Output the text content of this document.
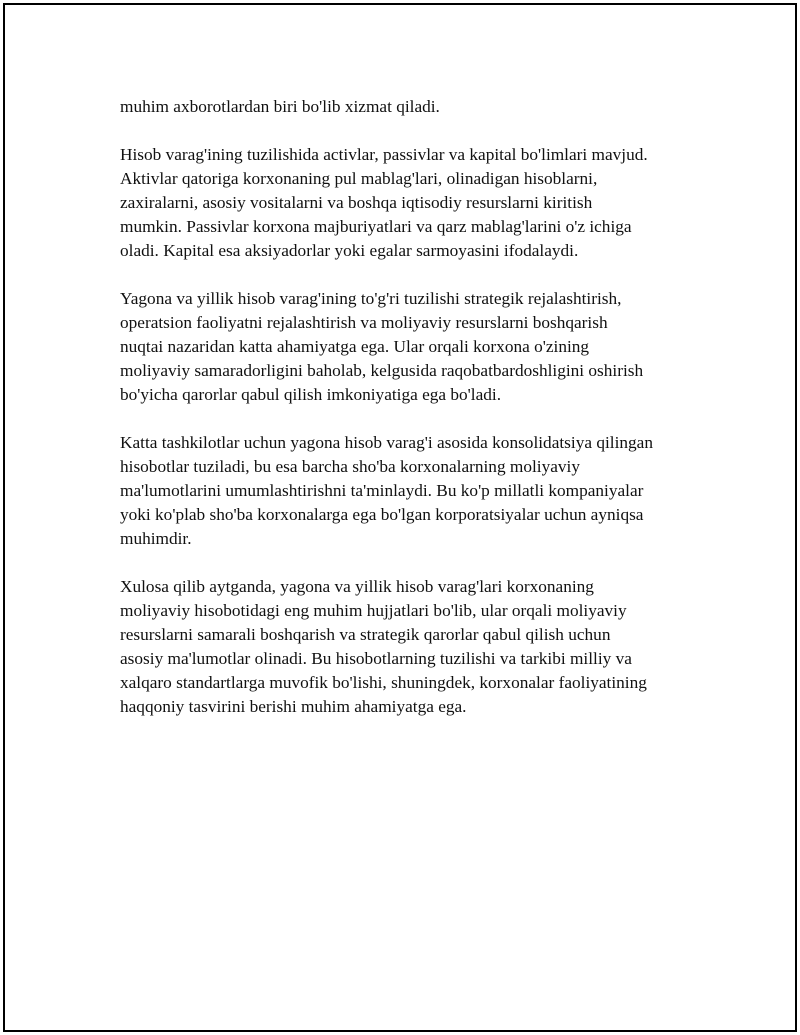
muhim axborotlardan biri bo'lib xizmat qiladi.

Hisob varag'ining tuzilishida activlar, passivlar va kapital bo'limlari mavjud.
Aktivlar qatoriga korxonaning pul mablag'lari, olinadigan hisoblarni,
zaxiralarni, asosiy vositalarni va boshqa iqtisodiy resurslarni kiritish
mumkin. Passivlar korxona majburiyatlari va qarz mablag'larini o'z ichiga
oladi. Kapital esa aksiyadorlar yoki egalar sarmoyasini ifodalaydi.

Yagona va yillik hisob varag'ining to'g'ri tuzilishi strategik rejalashtirish,
operatsion faoliyatni rejalashtirish va moliyaviy resurslarni boshqarish
nuqtai nazaridan katta ahamiyatga ega. Ular orqali korxona o'zining
moliyaviy samaradorligini baholab, kelgusida raqobatbardoshligini oshirish
bo'yicha qarorlar qabul qilish imkoniyatiga ega bo'ladi.

Katta tashkilotlar uchun yagona hisob varag'i asosida konsolidatsiya qilingan
hisobotlar tuziladi, bu esa barcha sho'ba korxonalarning moliyaviy
ma'lumotlarini umumlashtirishni ta'minlaydi. Bu ko'p millatli kompaniyalar
yoki ko'plab sho'ba korxonalarga ega bo'lgan korporatsiyalar uchun ayniqsa
muhimdir.

Xulosa qilib aytganda, yagona va yillik hisob varag'lari korxonaning
moliyaviy hisobotidagi eng muhim hujjatlari bo'lib, ular orqali moliyaviy
resurslarni samarali boshqarish va strategik qarorlar qabul qilish uchun
asosiy ma'lumotlar olinadi. Bu hisobotlarning tuzilishi va tarkibi milliy va
xalqaro standartlarga muvofik bo'lishi, shuningdek, korxonalar faoliyatining
haqqoniy tasvirini berishi muhim ahamiyatga ega.
